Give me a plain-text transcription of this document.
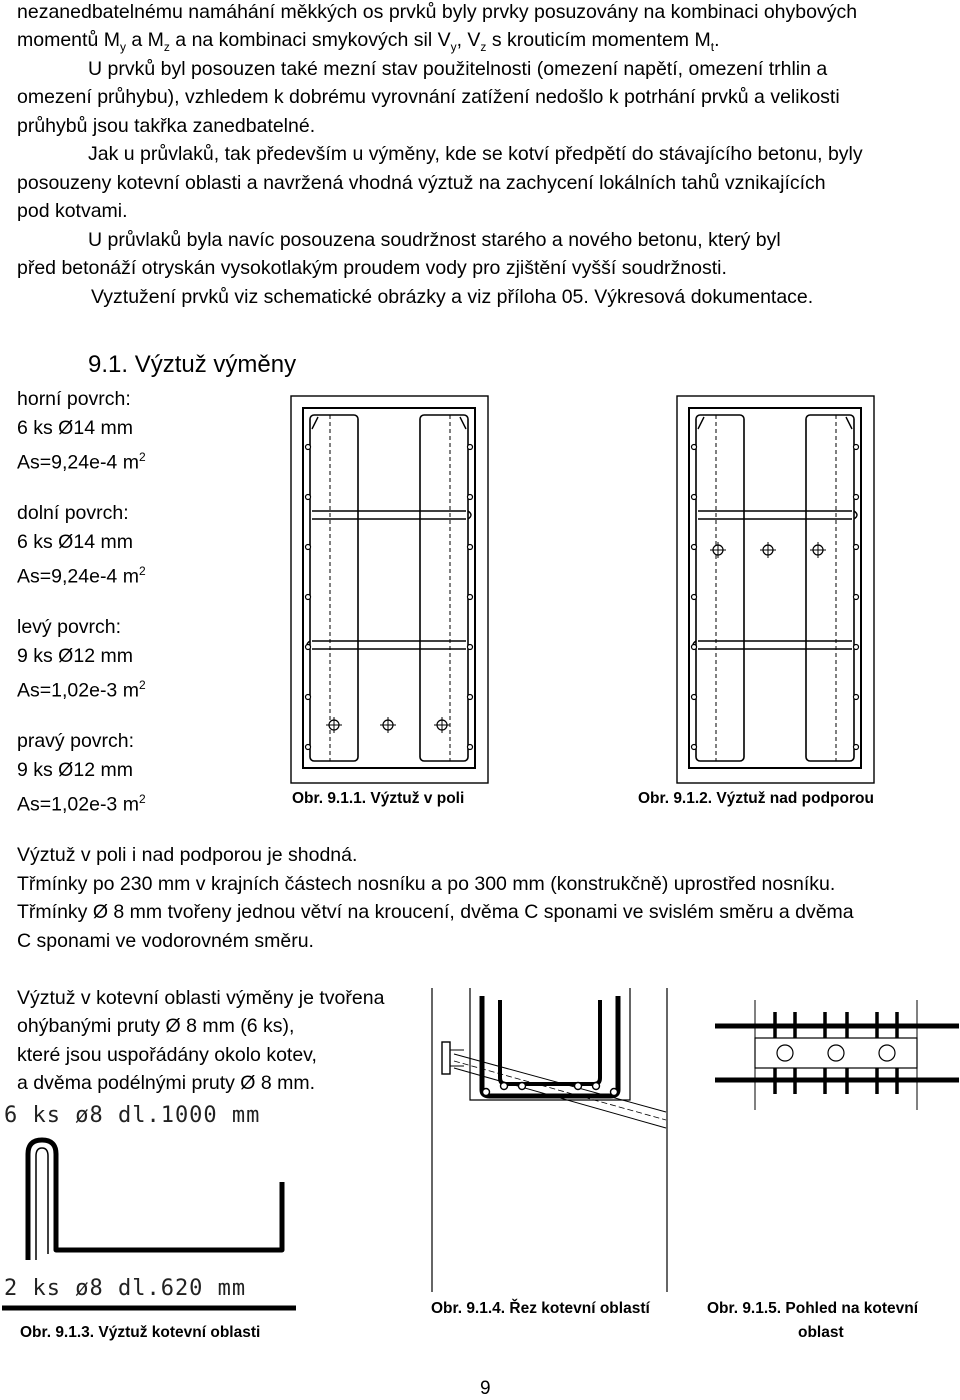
nezanedbatelnému namáhání měkkých os prvků byly prvky posuzovány na kombinaci ohybových
momentů $M_y$ a $M_z$ a na kombinaci smykových sil $V_y$, $V_z$ s krouticím momentem $M_t$.
U prvků byl posouzen také mezní stav použitelnosti (omezení napětí, omezení trhlin a
omezení průhybu), vzhledem k dobrému vyrovnání zatížení nedošlo k potrhání prvků a velikosti
průhybů jsou takřka zanedbatelné.
Jak u průvlaků, tak především u výměny, kde se kotví předpětí do stávajícího betonu, byly
posouzeny kotevní oblasti a navržená vhodná výztuž na zachycení lokálních tahů vznikajících
pod kotvami.
U průvlaků byla navíc posouzena soudržnost starého a nového betonu, který byl
před betonáží otryskán vysokotlakým proudem vody pro zjištění vyšší soudržnosti.
Vyztužení prvků viz schematické obrázky a viz příloha 05. Výkresová dokumentace.
9.1. Výztuž výměny
horní povrch:
6 ks Ø14 mm
As=9,24e-4 $m^2$
dolní povrch:
6 ks Ø14 mm
As=9,24e-4 $m^2$
levý povrch:
9 ks Ø12 mm
As=1,02e-3 $m^2$
pravý povrch:
9 ks Ø12 mm
As=1,02e-3 $m^2$	Obr. 9.1.1. Výztuž v poli	Obr. 9.1.2. Výztuž nad podporou
Výztuž v poli i nad podporou je shodná.
Třmínky po 230 mm v krajních částech nosníku a po 300 mm (konstrukčně) uprostřed nosníku.
Třmínky Ø 8 mm tvořeny jednou větví na kroucení, dvěma C sponami ve svislém směru a dvěma
C sponami ve vodorovném směru.
Výztuž v kotevní oblasti výměny je tvořena
ohýbanými pruty Ø 8 mm (6 ks),
které jsou uspořádány okolo kotev,
a dvěma podélnými pruty Ø 8 mm.
6 ks ø8 dl.1000 mm
2 ks ø8 dl.620 mm
Obr. 9.1.4. Řez kotevní oblastí	Obr. 9.1.5. Pohled na kotevní
oblast
Obr. 9.1.3. Výztuž kotevní oblasti
9
